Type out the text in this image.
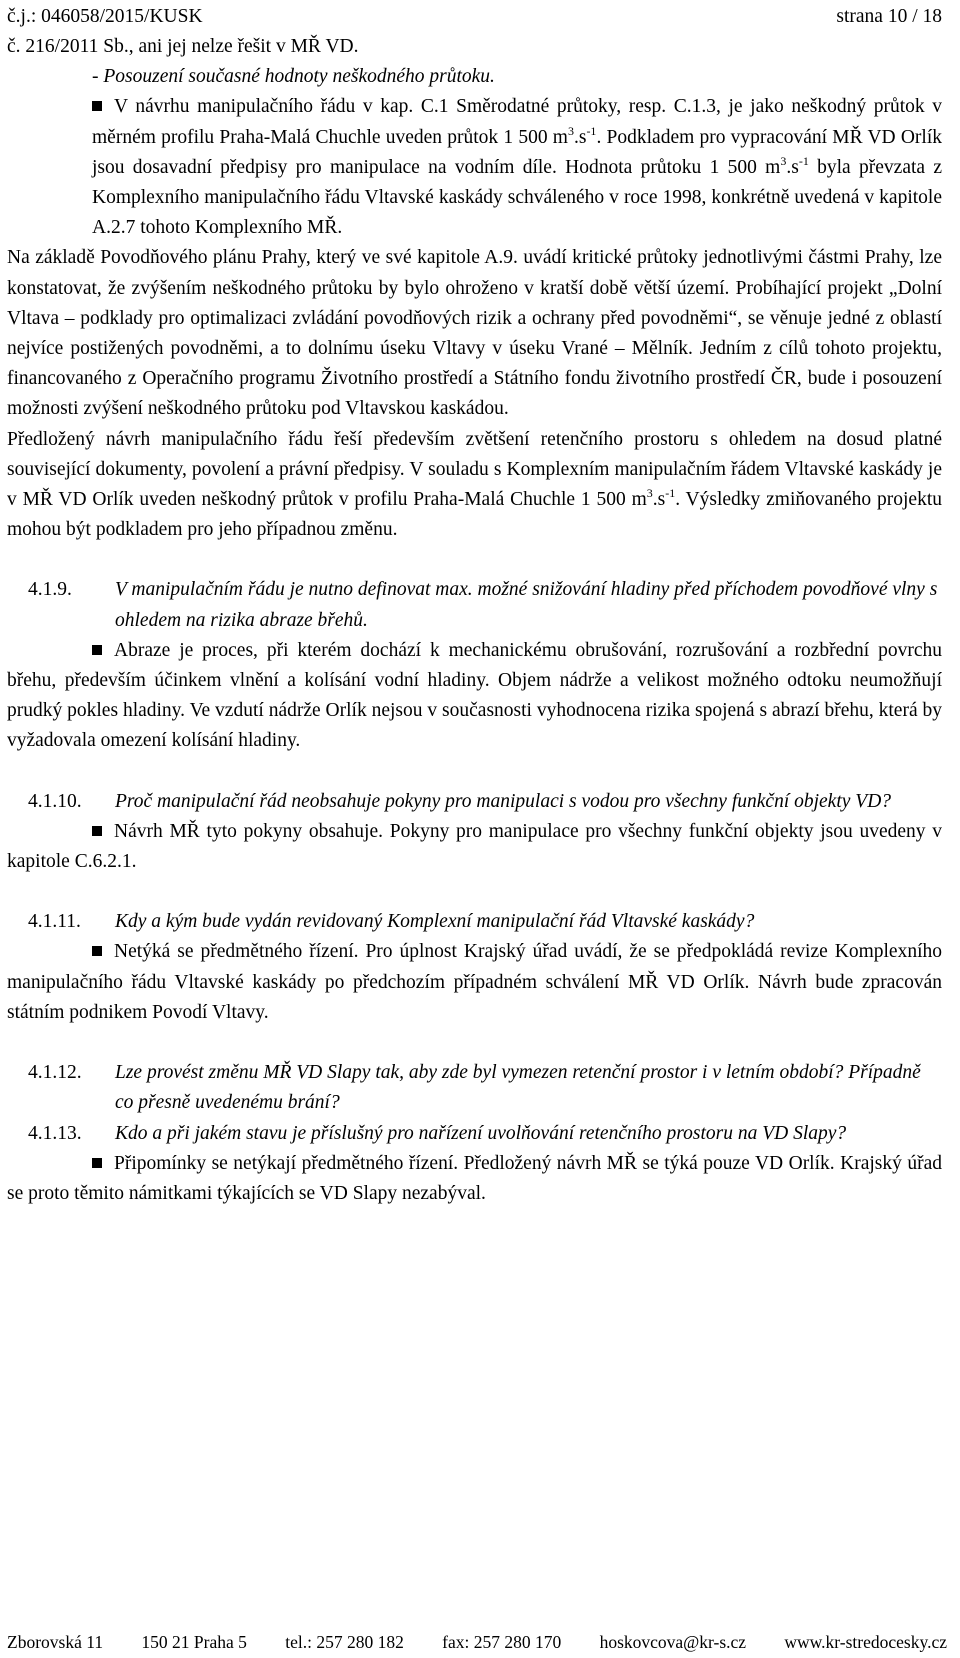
č.j.: 046058/2015/KUSK	strana 10 / 18

č. 216/2011 Sb., ani jej nelze řešit v MŘ VD.

- Posouzení současné hodnoty neškodného průtoku.

V návrhu manipulačního řádu v kap. C.1 Směrodatné průtoky, resp. C.1.3, je jako neškodný průtok v měrném profilu Praha-Malá Chuchle uveden průtok 1 500 $m^3.s^{-1}$. Podkladem pro vypracování MŘ VD Orlík jsou dosavadní předpisy pro manipulace na vodním díle. Hodnota průtoku 1 500 $m^3.s^{-1}$ byla převzata z Komplexního manipulačního řádu Vltavské kaskády schváleného v roce 1998, konkrétně uvedená v kapitole A.2.7 tohoto Komplexního MŘ.

Na základě Povodňového plánu Prahy, který ve své kapitole A.9. uvádí kritické průtoky jednotlivými částmi Prahy, lze konstatovat, že zvýšením neškodného průtoku by bylo ohroženo v kratší době větší území. Probíhající projekt „Dolní Vltava – podklady pro optimalizaci zvládání povodňových rizik a ochrany před povodněmi“, se věnuje jedné z oblastí nejvíce postižených povodněmi, a to dolnímu úseku Vltavy v úseku Vrané – Mělník. Jedním z cílů tohoto projektu, financovaného z Operačního programu Životního prostředí a Státního fondu životního prostředí ČR, bude i posouzení možnosti zvýšení neškodného průtoku pod Vltavskou kaskádou.

Předložený návrh manipulačního řádu řeší především zvětšení retenčního prostoru s ohledem na dosud platné související dokumenty, povolení a právní předpisy. V souladu s Komplexním manipulačním řádem Vltavské kaskády je v MŘ VD Orlík uveden neškodný průtok v profilu Praha-Malá Chuchle 1 500 $m^3.s^{-1}$. Výsledky zmiňovaného projektu mohou být podkladem pro jeho případnou změnu.

4.1.9.	V manipulačním řádu je nutno definovat max. možné snižování hladiny před příchodem povodňové vlny s ohledem na rizika abraze břehů.

Abraze je proces, při kterém dochází k mechanickému obrušování, rozrušování a rozbřední povrchu břehu, především účinkem vlnění a kolísání vodní hladiny. Objem nádrže a velikost možného odtoku neumožňují prudký pokles hladiny. Ve vzdutí nádrže Orlík nejsou v současnosti vyhodnocena rizika spojená s abrazí břehu, která by vyžadovala omezení kolísání hladiny.

4.1.10.	Proč manipulační řád neobsahuje pokyny pro manipulaci s vodou pro všechny funkční objekty VD?

Návrh MŘ tyto pokyny obsahuje. Pokyny pro manipulace pro všechny funkční objekty jsou uvedeny v kapitole C.6.2.1.

4.1.11.	Kdy a kým bude vydán revidovaný Komplexní manipulační řád Vltavské kaskády?

Netýká se předmětného řízení. Pro úplnost Krajský úřad uvádí, že se předpokládá revize Komplexního manipulačního řádu Vltavské kaskády po předchozím případném schválení MŘ VD Orlík. Návrh bude zpracován státním podnikem Povodí Vltavy.

4.1.12.	Lze provést změnu MŘ VD Slapy tak, aby zde byl vymezen retenční prostor i v letním období? Případně co přesně uvedenému brání?
4.1.13.	Kdo a při jakém stavu je příslušný pro nařízení uvolňování retenčního prostoru na VD Slapy?

Připomínky se netýkají předmětného řízení. Předložený návrh MŘ se týká pouze VD Orlík. Krajský úřad se proto těmito námitkami týkajících se VD Slapy nezabýval.

Zborovská 11 150 21 Praha 5 tel.: 257 280 182 fax: 257 280 170 hoskovcova@kr-s.cz www.kr-stredocesky.cz
